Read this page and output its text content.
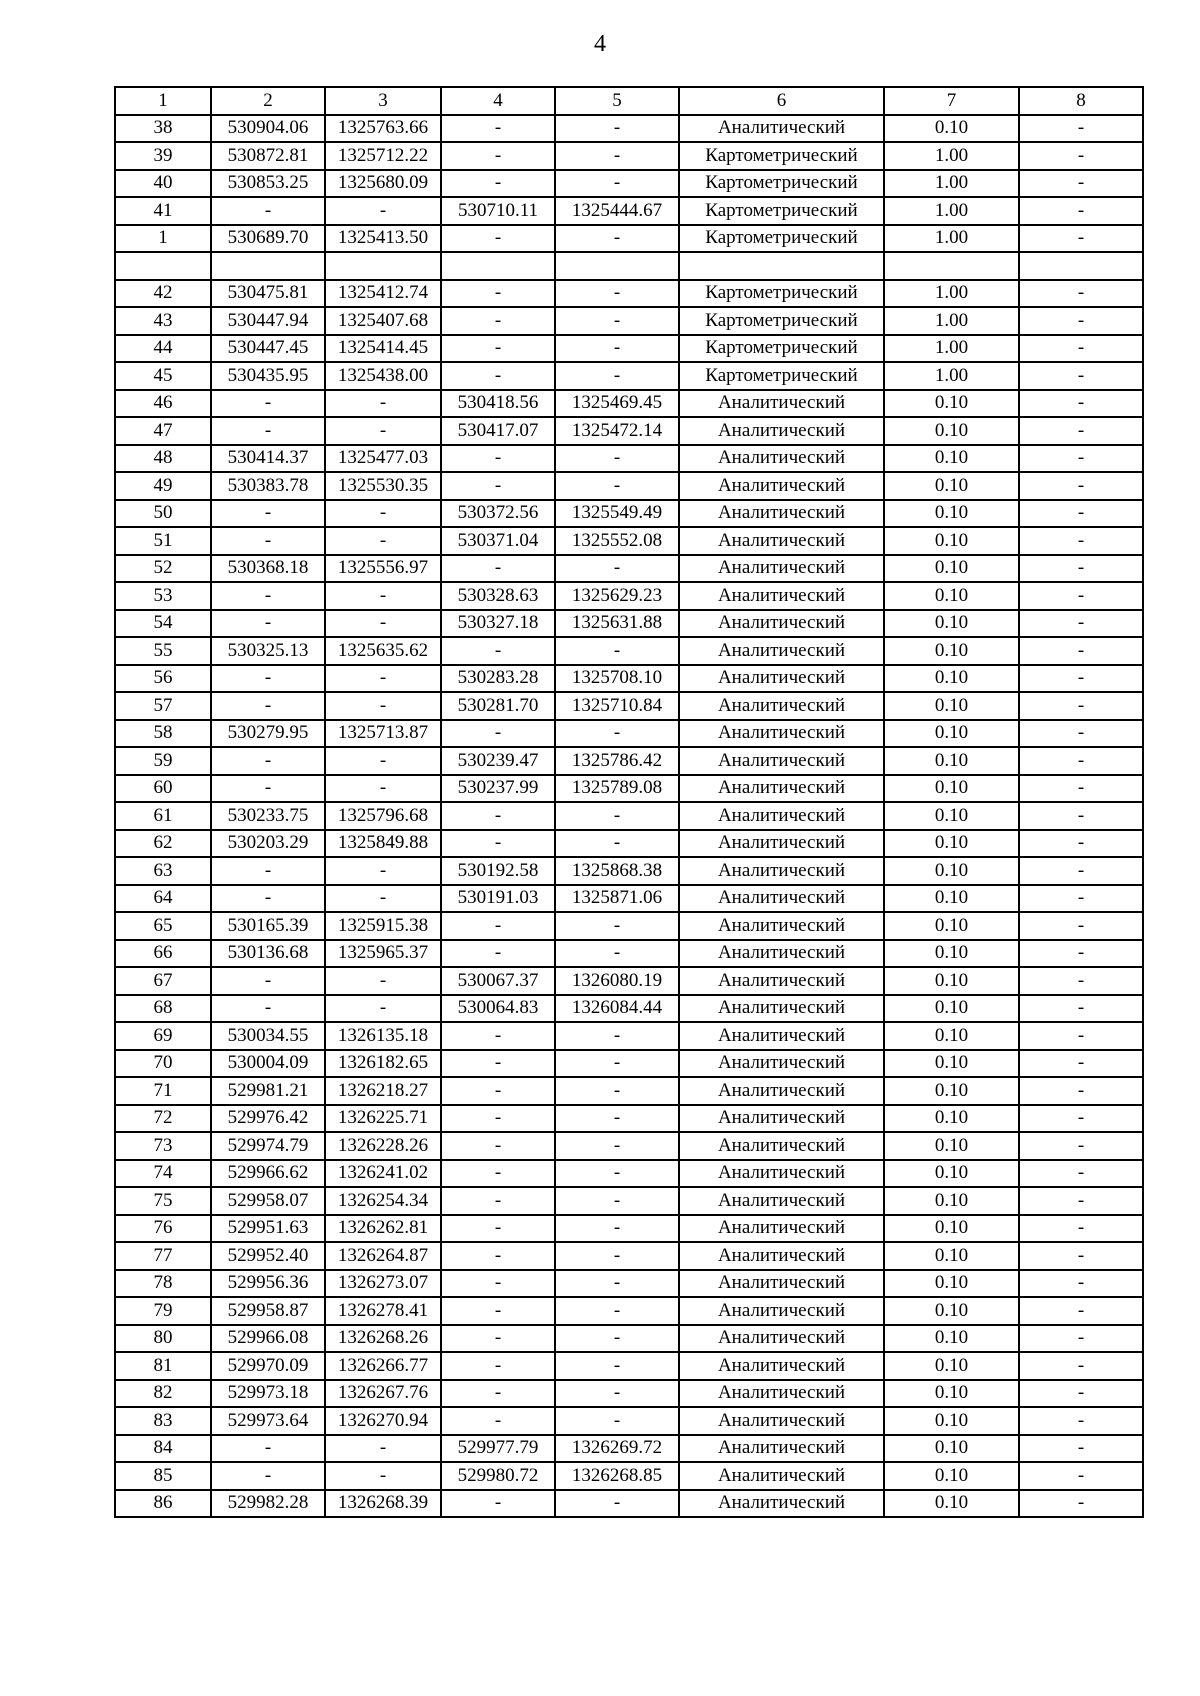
4
1	2	3	4	5	6	7	8
38	530904.06	1325763.66	-	-	Аналитический	0.10	-
39	530872.81	1325712.22	-	-	Картометрический	1.00	-
40	530853.25	1325680.09	-	-	Картометрический	1.00	-
41	-	-	530710.11	1325444.67	Картометрический	1.00	-
1	530689.70	1325413.50	-	-	Картометрический	1.00	-

42	530475.81	1325412.74	-	-	Картометрический	1.00	-
43	530447.94	1325407.68	-	-	Картометрический	1.00	-
44	530447.45	1325414.45	-	-	Картометрический	1.00	-
45	530435.95	1325438.00	-	-	Картометрический	1.00	-
46	-	-	530418.56	1325469.45	Аналитический	0.10	-
47	-	-	530417.07	1325472.14	Аналитический	0.10	-
48	530414.37	1325477.03	-	-	Аналитический	0.10	-
49	530383.78	1325530.35	-	-	Аналитический	0.10	-
50	-	-	530372.56	1325549.49	Аналитический	0.10	-
51	-	-	530371.04	1325552.08	Аналитический	0.10	-
52	530368.18	1325556.97	-	-	Аналитический	0.10	-
53	-	-	530328.63	1325629.23	Аналитический	0.10	-
54	-	-	530327.18	1325631.88	Аналитический	0.10	-
55	530325.13	1325635.62	-	-	Аналитический	0.10	-
56	-	-	530283.28	1325708.10	Аналитический	0.10	-
57	-	-	530281.70	1325710.84	Аналитический	0.10	-
58	530279.95	1325713.87	-	-	Аналитический	0.10	-
59	-	-	530239.47	1325786.42	Аналитический	0.10	-
60	-	-	530237.99	1325789.08	Аналитический	0.10	-
61	530233.75	1325796.68	-	-	Аналитический	0.10	-
62	530203.29	1325849.88	-	-	Аналитический	0.10	-
63	-	-	530192.58	1325868.38	Аналитический	0.10	-
64	-	-	530191.03	1325871.06	Аналитический	0.10	-
65	530165.39	1325915.38	-	-	Аналитический	0.10	-
66	530136.68	1325965.37	-	-	Аналитический	0.10	-
67	-	-	530067.37	1326080.19	Аналитический	0.10	-
68	-	-	530064.83	1326084.44	Аналитический	0.10	-
69	530034.55	1326135.18	-	-	Аналитический	0.10	-
70	530004.09	1326182.65	-	-	Аналитический	0.10	-
71	529981.21	1326218.27	-	-	Аналитический	0.10	-
72	529976.42	1326225.71	-	-	Аналитический	0.10	-
73	529974.79	1326228.26	-	-	Аналитический	0.10	-
74	529966.62	1326241.02	-	-	Аналитический	0.10	-
75	529958.07	1326254.34	-	-	Аналитический	0.10	-
76	529951.63	1326262.81	-	-	Аналитический	0.10	-
77	529952.40	1326264.87	-	-	Аналитический	0.10	-
78	529956.36	1326273.07	-	-	Аналитический	0.10	-
79	529958.87	1326278.41	-	-	Аналитический	0.10	-
80	529966.08	1326268.26	-	-	Аналитический	0.10	-
81	529970.09	1326266.77	-	-	Аналитический	0.10	-
82	529973.18	1326267.76	-	-	Аналитический	0.10	-
83	529973.64	1326270.94	-	-	Аналитический	0.10	-
84	-	-	529977.79	1326269.72	Аналитический	0.10	-
85	-	-	529980.72	1326268.85	Аналитический	0.10	-
86	529982.28	1326268.39	-	-	Аналитический	0.10	-
